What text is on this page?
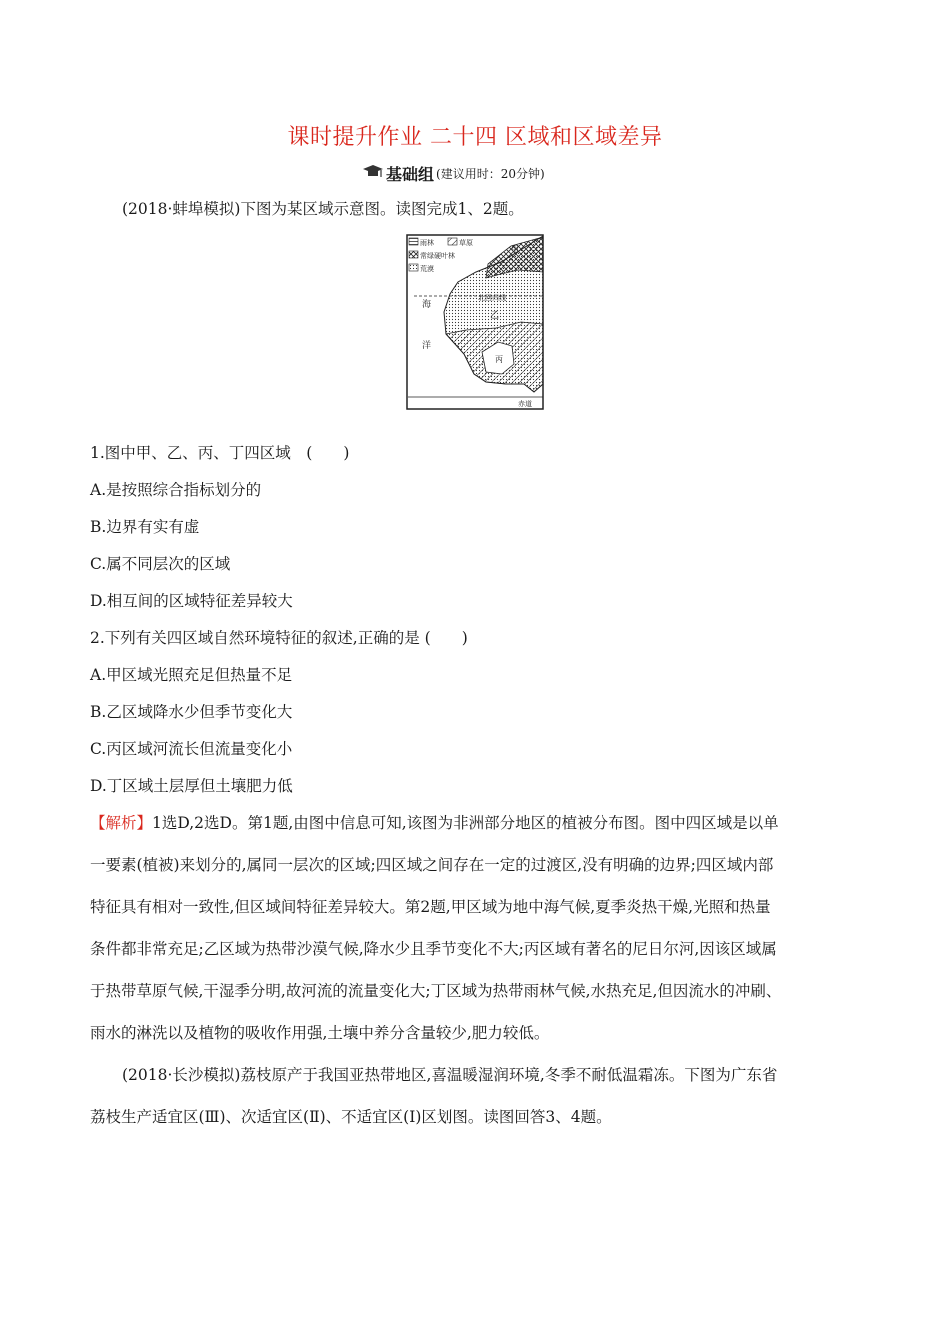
课时提升作业 二十四 区域和区域差异
基础组 (建议用时：20分钟)
(2018·蚌埠模拟)下图为某区域示意图。读图完成1、2题。
雨林	草原
常绿硬叶林
荒漠
甲
乙
丙
海
洋
北回归线
赤道
1.图中甲、乙、丙、丁四区域　(　　)
A.是按照综合指标划分的
B.边界有实有虚
C.属不同层次的区域
D.相互间的区域特征差异较大
2.下列有关四区域自然环境特征的叙述,正确的是 (　　)
A.甲区域光照充足但热量不足
B.乙区域降水少但季节变化大
C.丙区域河流长但流量变化小
D.丁区域土层厚但土壤肥力低
【解析】1选D,2选D。第1题,由图中信息可知,该图为非洲部分地区的植被分布图。图中四区域是以单
一要素(植被)来划分的,属同一层次的区域;四区域之间存在一定的过渡区,没有明确的边界;四区域内部
特征具有相对一致性,但区域间特征差异较大。第2题,甲区域为地中海气候,夏季炎热干燥,光照和热量
条件都非常充足;乙区域为热带沙漠气候,降水少且季节变化不大;丙区域有著名的尼日尔河,因该区域属
于热带草原气候,干湿季分明,故河流的流量变化大;丁区域为热带雨林气候,水热充足,但因流水的冲刷、
雨水的淋洗以及植物的吸收作用强,土壤中养分含量较少,肥力较低。
(2018·长沙模拟)荔枝原产于我国亚热带地区,喜温暖湿润环境,冬季不耐低温霜冻。下图为广东省
荔枝生产适宜区(Ⅲ)、次适宜区(Ⅱ)、不适宜区(Ⅰ)区划图。读图回答3、4题。
